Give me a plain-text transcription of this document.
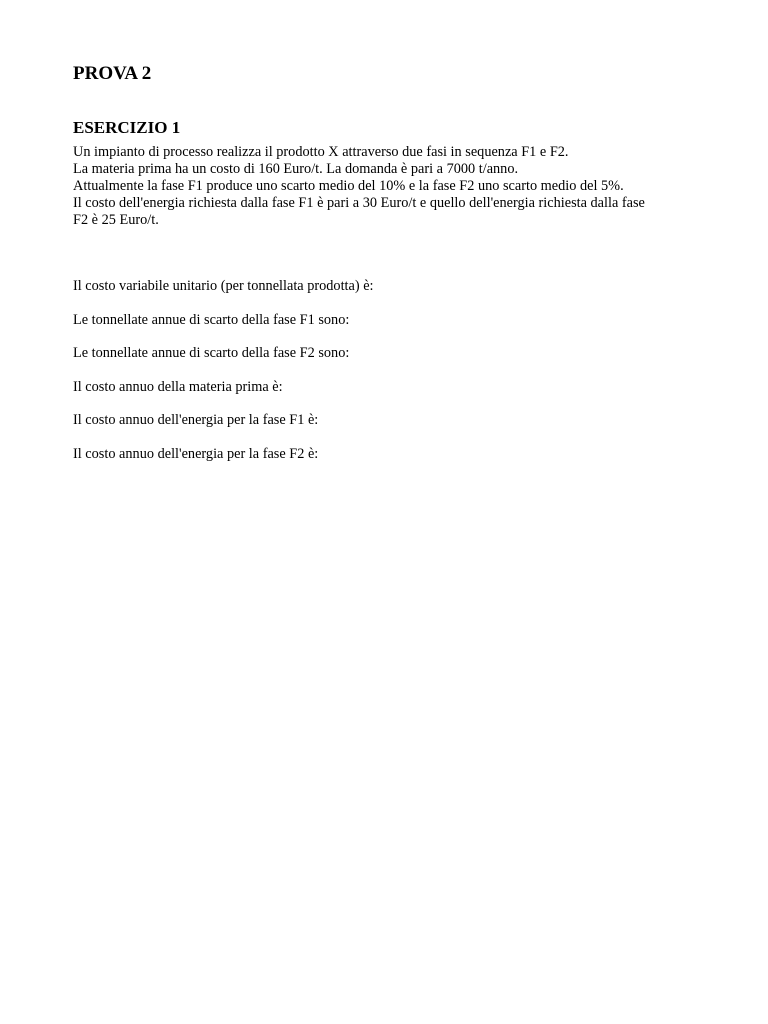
PROVA 2
ESERCIZIO 1
Un impianto di processo realizza il prodotto X attraverso due fasi in sequenza F1 e F2.
La materia prima ha un costo di 160 Euro/t. La domanda è pari a 7000 t/anno.
Attualmente la fase F1 produce uno scarto medio del 10% e la fase F2 uno scarto medio del 5%.
Il costo dell'energia richiesta dalla fase F1 è pari a 30 Euro/t e quello dell'energia richiesta dalla fase
F2 è 25 Euro/t.
Il costo variabile unitario (per tonnellata prodotta) è:
Le tonnellate annue di scarto della fase F1 sono:
Le tonnellate annue di scarto della fase F2 sono:
Il costo annuo della materia prima è:
Il costo annuo dell'energia per la fase F1 è:
Il costo annuo dell'energia per la fase F2 è:
